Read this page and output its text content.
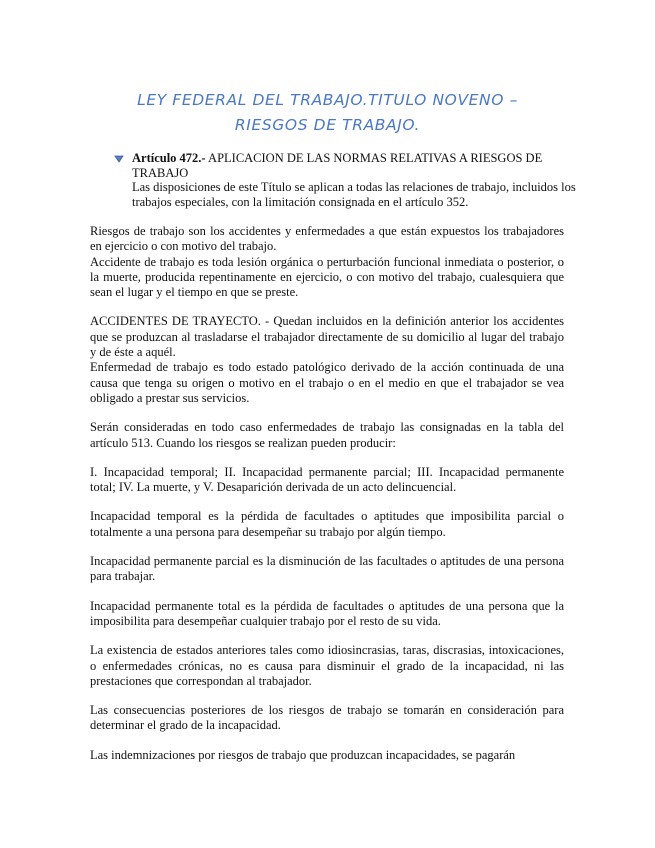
LEY FEDERAL DEL TRABAJO.TITULO NOVENO –
RIESGOS DE TRABAJO.
Artículo 472.- APLICACION DE LAS NORMAS RELATIVAS A RIESGOS DE TRABAJO
Las disposiciones de este Título se aplican a todas las relaciones de trabajo, incluidos los trabajos especiales, con la limitación consignada en el artículo 352.

Riesgos de trabajo son los accidentes y enfermedades a que están expuestos los trabajadores en ejercicio o con motivo del trabajo.

Accidente de trabajo es toda lesión orgánica o perturbación funcional inmediata o posterior, o la muerte, producida repentinamente en ejercicio, o con motivo del trabajo, cualesquiera que sean el lugar y el tiempo en que se preste.

ACCIDENTES DE TRAYECTO. - Quedan incluidos en la definición anterior los accidentes que se produzcan al trasladarse el trabajador directamente de su domicilio al lugar del trabajo y de éste a aquél.

Enfermedad de trabajo es todo estado patológico derivado de la acción continuada de una causa que tenga su origen o motivo en el trabajo o en el medio en que el trabajador se vea obligado a prestar sus servicios.

Serán consideradas en todo caso enfermedades de trabajo las consignadas en la tabla del artículo 513. Cuando los riesgos se realizan pueden producir:

I. Incapacidad temporal; II. Incapacidad permanente parcial; III. Incapacidad permanente total; IV. La muerte, y V. Desaparición derivada de un acto delincuencial.

Incapacidad temporal es la pérdida de facultades o aptitudes que imposibilita parcial o totalmente a una persona para desempeñar su trabajo por algún tiempo.

Incapacidad permanente parcial es la disminución de las facultades o aptitudes de una persona para trabajar.

Incapacidad permanente total es la pérdida de facultades o aptitudes de una persona que la imposibilita para desempeñar cualquier trabajo por el resto de su vida.

La existencia de estados anteriores tales como idiosincrasias, taras, discrasias, intoxicaciones, o enfermedades crónicas, no es causa para disminuir el grado de la incapacidad, ni las prestaciones que correspondan al trabajador.

Las consecuencias posteriores de los riesgos de trabajo se tomarán en consideración para determinar el grado de la incapacidad.

Las indemnizaciones por riesgos de trabajo que produzcan incapacidades, se pagarán
